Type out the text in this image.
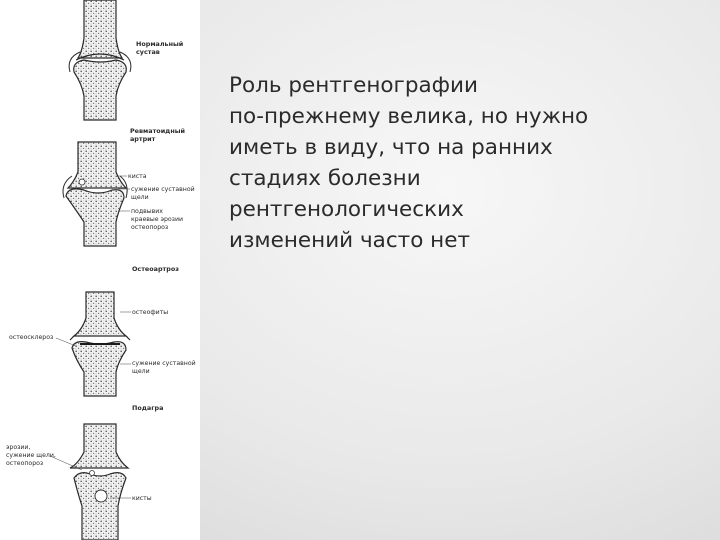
Нормальный
сустав
Ревматоидный
артрит
киста
сужение суставной
щели
подвывих
краевые эрозии
остеопороз
Остеоартроз
остеофиты
остеосклероз
сужение суставной
щели
Подагра
эрозии,
сужение щели,
остеопороз
кисты

Роль рентгенографии
по-прежнему велика, но нужно
иметь в виду, что на ранних
стадиях болезни
рентгенологических
изменений часто нет
